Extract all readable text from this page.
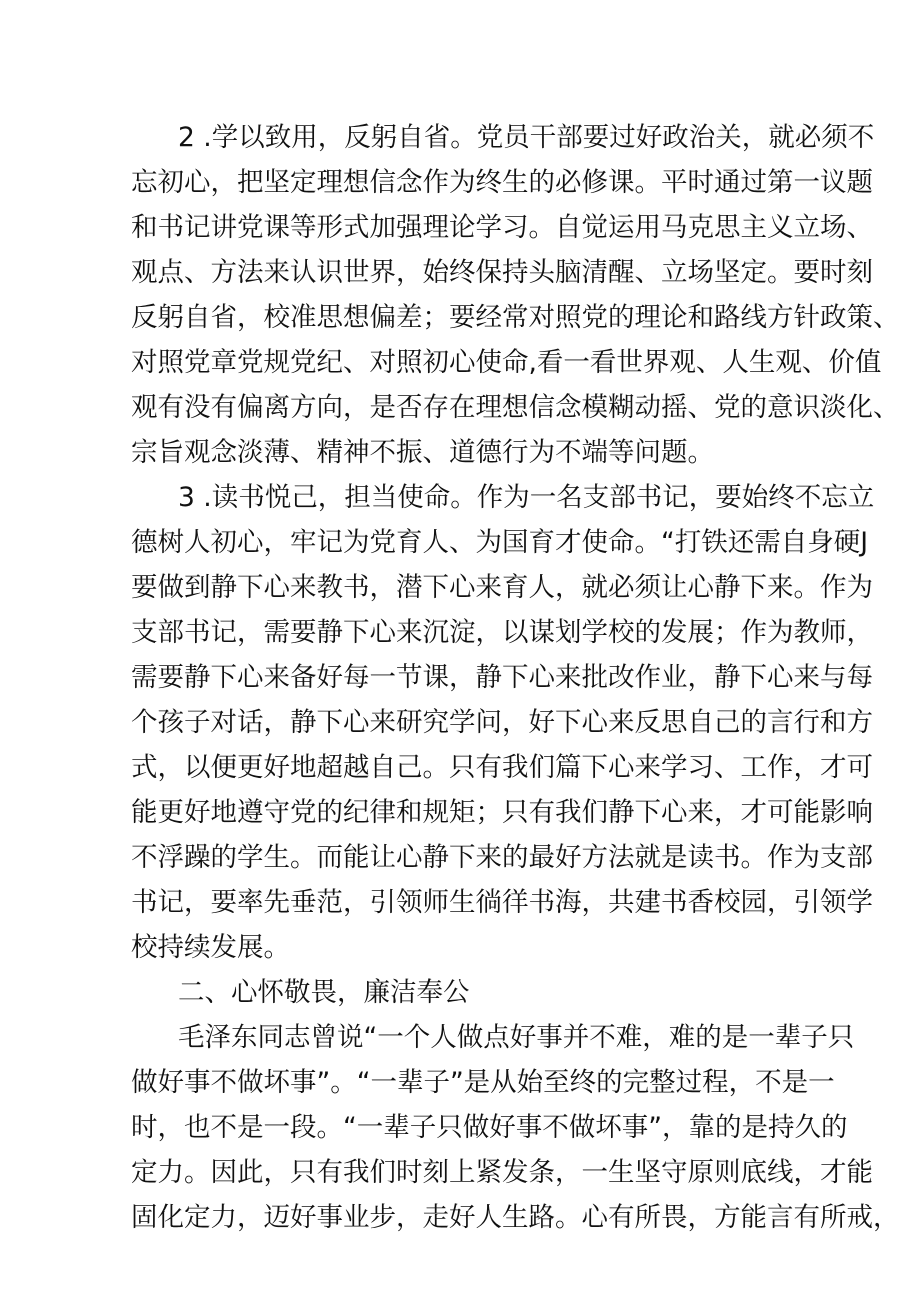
2 .学以致用，反躬自省。党员干部要过好政治关，就必须不
忘初心，把坚定理想信念作为终生的必修课。平时通过第一议题
和书记讲党课等形式加强理论学习。自觉运用马克思主义立场、
观点、方法来认识世界，始终保持头脑清醒、立场坚定。要时刻
反躬自省，校准思想偏差；要经常对照党的理论和路线方针政策、
对照党章党规党纪、对照初心使命,看一看世界观、人生观、价值
观有没有偏离方向，是否存在理想信念模糊动摇、党的意识淡化、
宗旨观念淡薄、精神不振、道德行为不端等问题。
3 .读书悦己，担当使命。作为一名支部书记，要始终不忘立
德树人初心，牢记为党育人、为国育才使命。“打铁还需自身硬J
要做到静下心来教书，潜下心来育人，就必须让心静下来。作为
支部书记，需要静下心来沉淀，以谋划学校的发展；作为教师，
需要静下心来备好每一节课，静下心来批改作业，静下心来与每
个孩子对话，静下心来研究学问，好下心来反思自己的言行和方
式，以便更好地超越自己。只有我们篇下心来学习、工作，才可
能更好地遵守党的纪律和规矩；只有我们静下心来，才可能影响
不浮躁的学生。而能让心静下来的最好方法就是读书。作为支部
书记，要率先垂范，引领师生徜徉书海，共建书香校园，引领学
校持续发展。
二、心怀敬畏，廉洁奉公
毛泽东同志曾说“一个人做点好事并不难，难的是一辈子只
做好事不做坏事”。“一辈子”是从始至终的完整过程，不是一
时，也不是一段。“一辈子只做好事不做坏事”，靠的是持久的
定力。因此，只有我们时刻上紧发条，一生坚守原则底线，才能
固化定力，迈好事业步，走好人生路。心有所畏，方能言有所戒，
